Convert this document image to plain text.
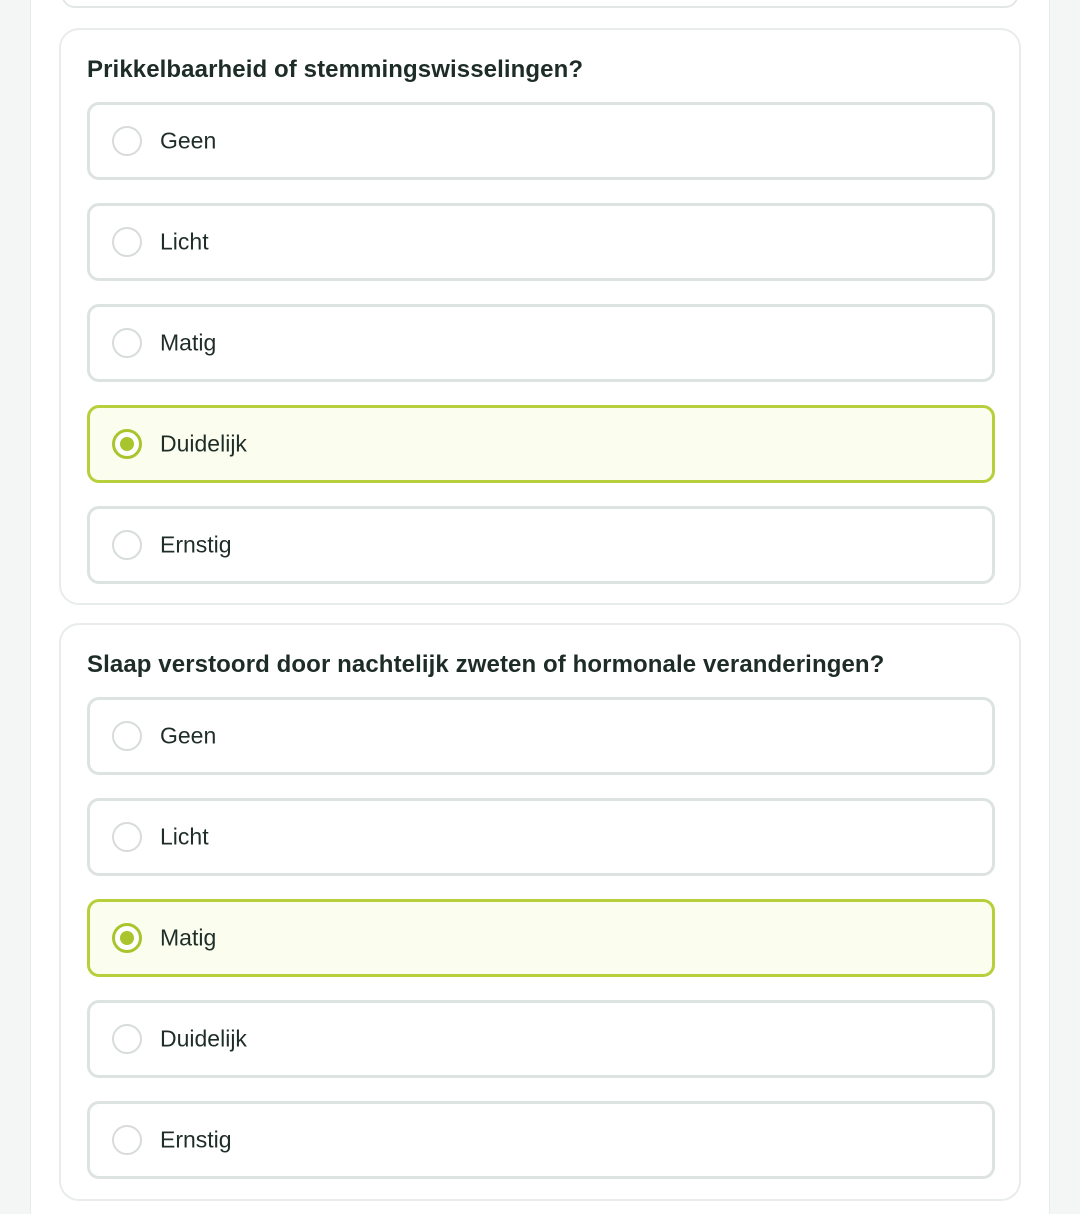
Prikkelbaarheid of stemmingswisselingen?
Geen
Licht
Matig
Duidelijk
Ernstig
Slaap verstoord door nachtelijk zweten of hormonale veranderingen?
Geen
Licht
Matig
Duidelijk
Ernstig
